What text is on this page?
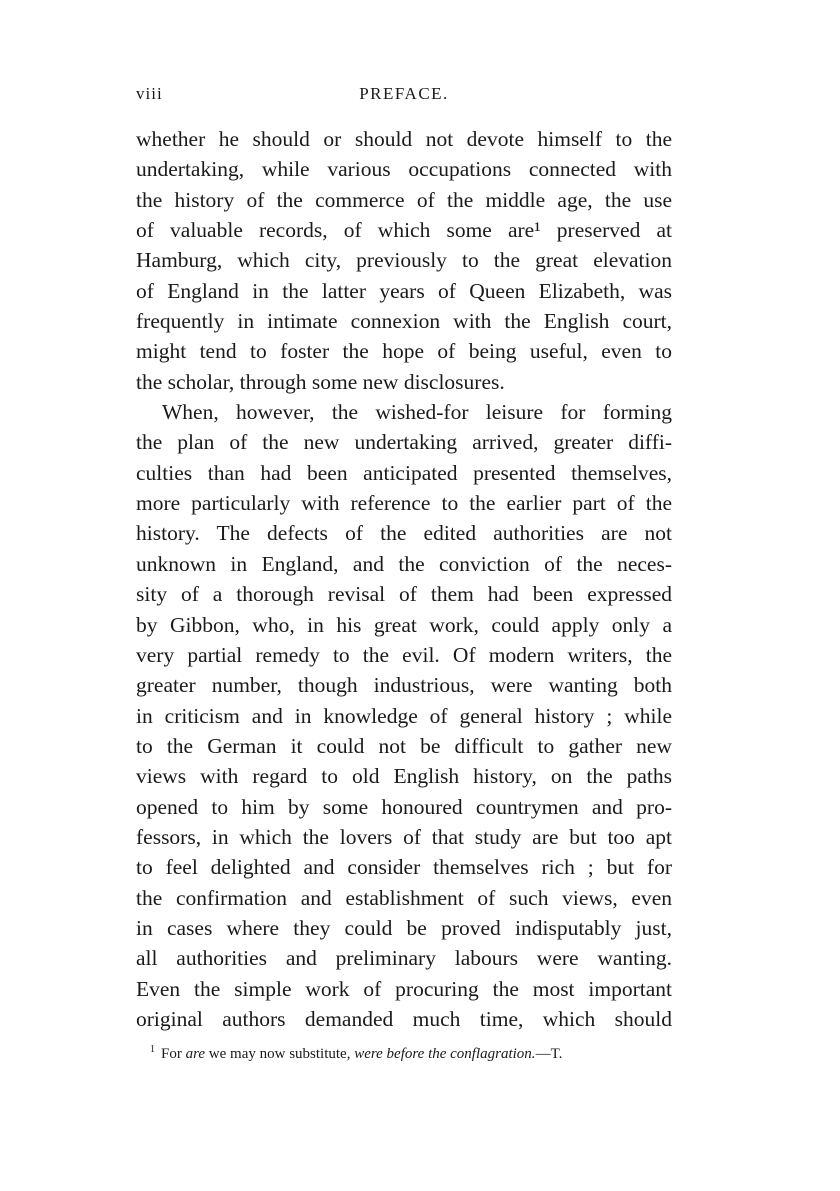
viii	PREFACE.
whether he should or should not devote himself to the
undertaking, while various occupations connected with
the history of the commerce of the middle age, the use
of valuable records, of which some are¹ preserved at
Hamburg, which city, previously to the great elevation
of England in the latter years of Queen Elizabeth, was
frequently in intimate connexion with the English court,
might tend to foster the hope of being useful, even to
the scholar, through some new disclosures.
When, however, the wished-for leisure for forming
the plan of the new undertaking arrived, greater diffi-
culties than had been anticipated presented themselves,
more particularly with reference to the earlier part of the
history. The defects of the edited authorities are not
unknown in England, and the conviction of the neces-
sity of a thorough revisal of them had been expressed
by Gibbon, who, in his great work, could apply only a
very partial remedy to the evil. Of modern writers, the
greater number, though industrious, were wanting both
in criticism and in knowledge of general history ; while
to the German it could not be difficult to gather new
views with regard to old English history, on the paths
opened to him by some honoured countrymen and pro-
fessors, in which the lovers of that study are but too apt
to feel delighted and consider themselves rich ; but for
the confirmation and establishment of such views, even
in cases where they could be proved indisputably just,
all authorities and preliminary labours were wanting.
Even the simple work of procuring the most important
original authors demanded much time, which should
$^1$ For are we may now substitute, were before the conflagration.—T.
